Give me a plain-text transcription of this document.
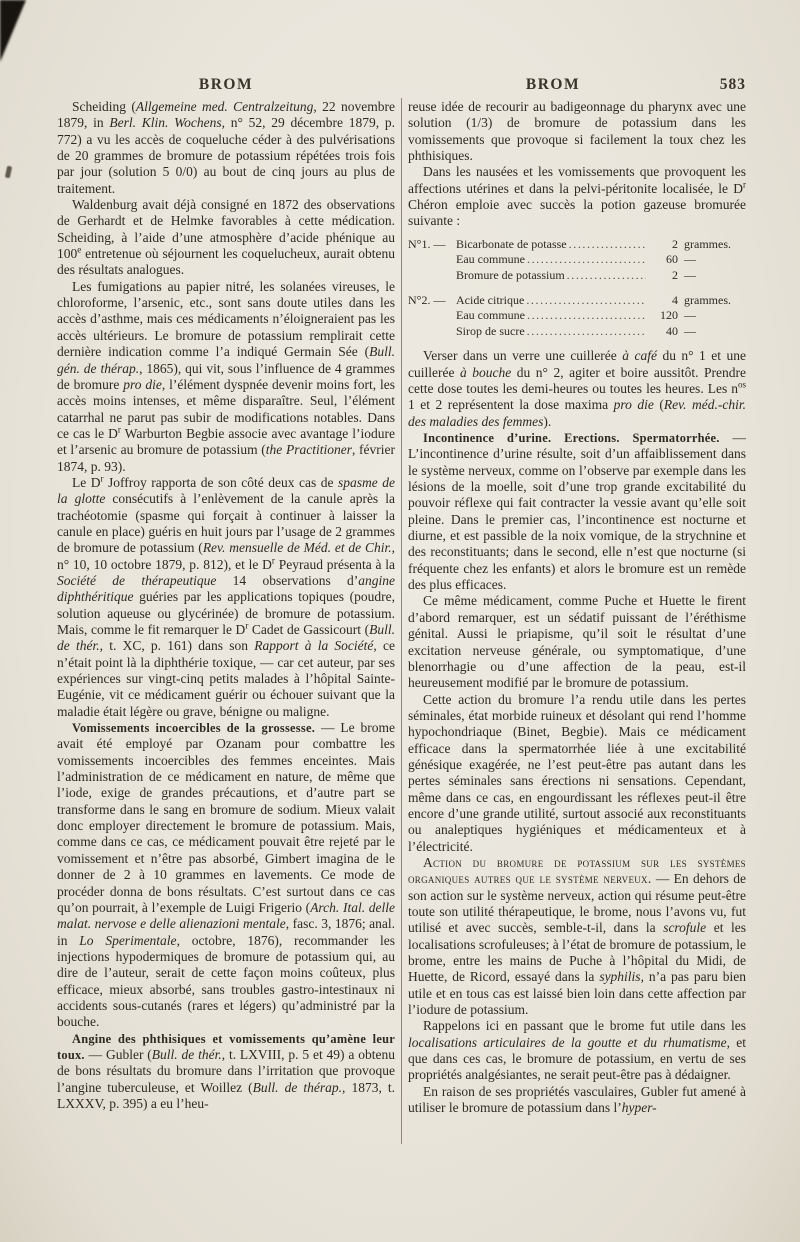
BROM	BROM	583

Scheiding (Allgemeine med. Centralzeitung, 22 novembre 1879, in Berl. Klin. Wochens, n° 52, 29 décembre 1879, p. 772) a vu les accès de coqueluche céder à des pulvérisations de 20 grammes de bromure de potassium répétées trois fois par jour (solution 5 0/0) au bout de cinq jours au plus de traitement.

Waldenburg avait déjà consigné en 1872 des observations de Gerhardt et de Helmke favorables à cette médication. Scheiding, à l’aide d’une atmosphère d’acide phénique au 100e entretenue où séjournent les coquelucheux, aurait obtenu des résultats analogues.

Les fumigations au papier nitré, les solanées vireuses, le chloroforme, l’arsenic, etc., sont sans doute utiles dans les accès d’asthme, mais ces médicaments n’éloigneraient pas les accès ultérieurs. Le bromure de potassium remplirait cette dernière indication comme l’a indiqué Germain Sée (Bull. gén. de thérap., 1865), qui vit, sous l’influence de 4 grammes de bromure pro die, l’élément dyspnée devenir moins fort, les accès moins intenses, et même disparaître. Seul, l’élément catarrhal ne parut pas subir de modifications notables. Dans ce cas le $D^r$ Warburton Begbie associe avec avantage l’iodure et l’arsenic au bromure de potassium (the Practitioner, février 1874, p. 93).

Le $D^r$ Joffroy rapporta de son côté deux cas de spasme de la glotte consécutifs à l’enlèvement de la canule après la trachéotomie (spasme qui forçait à continuer à laisser la canule en place) guéris en huit jours par l’usage de 2 grammes de bromure de potassium (Rev. mensuelle de Méd. et de Chir., n° 10, 10 octobre 1879, p. 812), et le $D^r$ Peyraud présenta à la Société de thérapeutique 14 observations d’angine diphthéritique guéries par les applications topiques (poudre, solution aqueuse ou glycérinée) de bromure de potassium. Mais, comme le fit remarquer le $D^r$ Cadet de Gassicourt (Bull. de thér., t. XC, p. 161) dans son Rapport à la Société, ce n’était point là la diphthérie toxique, — car cet auteur, par ses expériences sur vingt-cinq petits malades à l’hôpital Sainte-Eugénie, vit ce médicament guérir ou échouer suivant que la maladie était légère ou grave, bénigne ou maligne.

Vomissements incoercibles de la grossesse. — Le brome avait été employé par Ozanam pour combattre les vomissements incoercibles des femmes enceintes. Mais l’administration de ce médicament en nature, de même que l’iode, exige de grandes précautions, et d’autre part se transforme dans le sang en bromure de sodium. Mieux valait donc employer directement le bromure de potassium. Mais, comme dans ce cas, ce médicament pouvait être rejeté par le vomissement et n’être pas absorbé, Gimbert imagina de le donner de 2 à 10 grammes en lavements. Ce mode de procéder donna de bons résultats. C’est surtout dans ce cas qu’on pourrait, à l’exemple de Luigi Frigerio (Arch. Ital. delle malat. nervose e delle alienazioni mentale, fasc. 3, 1876; anal. in Lo Sperimentale, octobre, 1876), recommander les injections hypodermiques de bromure de potassium qui, au dire de l’auteur, serait de cette façon moins coûteux, plus efficace, mieux absorbé, sans troubles gastro-intestinaux ni accidents sous-cutanés (rares et légers) qu’administré par la bouche.

Angine des phthisiques et vomissements qu’amène leur toux. — Gubler (Bull. de thér., t. LXVIII, p. 5 et 49) a obtenu de bons résultats du bromure dans l’irritation que provoque l’angine tuberculeuse, et Woillez (Bull. de thérap., 1873, t. LXXXV, p. 395) a eu l’heu-

reuse idée de recourir au badigeonnage du pharynx avec une solution (1/3) de bromure de potassium dans les vomissements que provoque si facilement la toux chez les phthisiques.

Dans les nausées et les vomissements que provoquent les affections utérines et dans la pelvi-péritonite localisée, le $D^r$ Chéron emploie avec succès la potion gazeuse bromurée suivante :

N°1. — Bicarbonate de potasse .....	2 grammes.
Eau commune .....	60 —
Bromure de potassium .....	2 —
N°2. — Acide citrique .....	4 grammes.
Eau commune .....	120 —
Sirop de sucre .....	40 —

Verser dans un verre une cuillerée à café du n° 1 et une cuillerée à bouche du n° 2, agiter et boire aussitôt. Prendre cette dose toutes les demi-heures ou toutes les heures. Les $n^{os}$ 1 et 2 représentent la dose maxima pro die (Rev. méd.-chir. des maladies des femmes).

Incontinence d’urine. Erections. Spermatorrhée. — L’incontinence d’urine résulte, soit d’un affaiblissement dans le système nerveux, comme on l’observe par exemple dans les lésions de la moelle, soit d’une trop grande excitabilité du pouvoir réflexe qui fait contracter la vessie avant qu’elle soit pleine. Dans le premier cas, l’incontinence est nocturne et diurne, et est passible de la noix vomique, de la strychnine et des reconstituants; dans le second, elle n’est que nocturne (si fréquente chez les enfants) et alors le bromure est un remède des plus efficaces.

Ce même médicament, comme Puche et Huette le firent d’abord remarquer, est un sédatif puissant de l’éréthisme génital. Aussi le priapisme, qu’il soit le résultat d’une excitation nerveuse générale, ou symptomatique, d’une blenorrhagie ou d’une affection de la peau, est-il heureusement modifié par le bromure de potassium.

Cette action du bromure l’a rendu utile dans les pertes séminales, état morbide ruineux et désolant qui rend l’homme hypochondriaque (Binet, Begbie). Mais ce médicament efficace dans la spermatorrhée liée à une excitabilité génésique exagérée, ne l’est peut-être pas autant dans les pertes séminales sans érections ni sensations. Cependant, même dans ce cas, en engourdissant les réflexes peut-il être encore d’une grande utilité, surtout associé aux reconstituants ou analeptiques hygiéniques et médicamenteux et à l’électricité.

Action du bromure de potassium sur les systèmes organiques autres que le système nerveux. — En dehors de son action sur le système nerveux, action qui résume peut-être toute son utilité thérapeutique, le brome, nous l’avons vu, fut utilisé et avec succès, semble-t-il, dans la scrofule et les localisations scrofuleuses; à l’état de bromure de potassium, le brome, entre les mains de Puche à l’hôpital du Midi, de Huette, de Ricord, essayé dans la syphilis, n’a pas paru bien utile et en tous cas est laissé bien loin dans cette affection par l’iodure de potassium.

Rappelons ici en passant que le brome fut utile dans les localisations articulaires de la goutte et du rhumatisme, et que dans ces cas, le bromure de potassium, en vertu de ses propriétés analgésiantes, ne serait peut-être pas à dédaigner.

En raison de ses propriétés vasculaires, Gubler fut amené à utiliser le bromure de potassium dans l’hyper-
